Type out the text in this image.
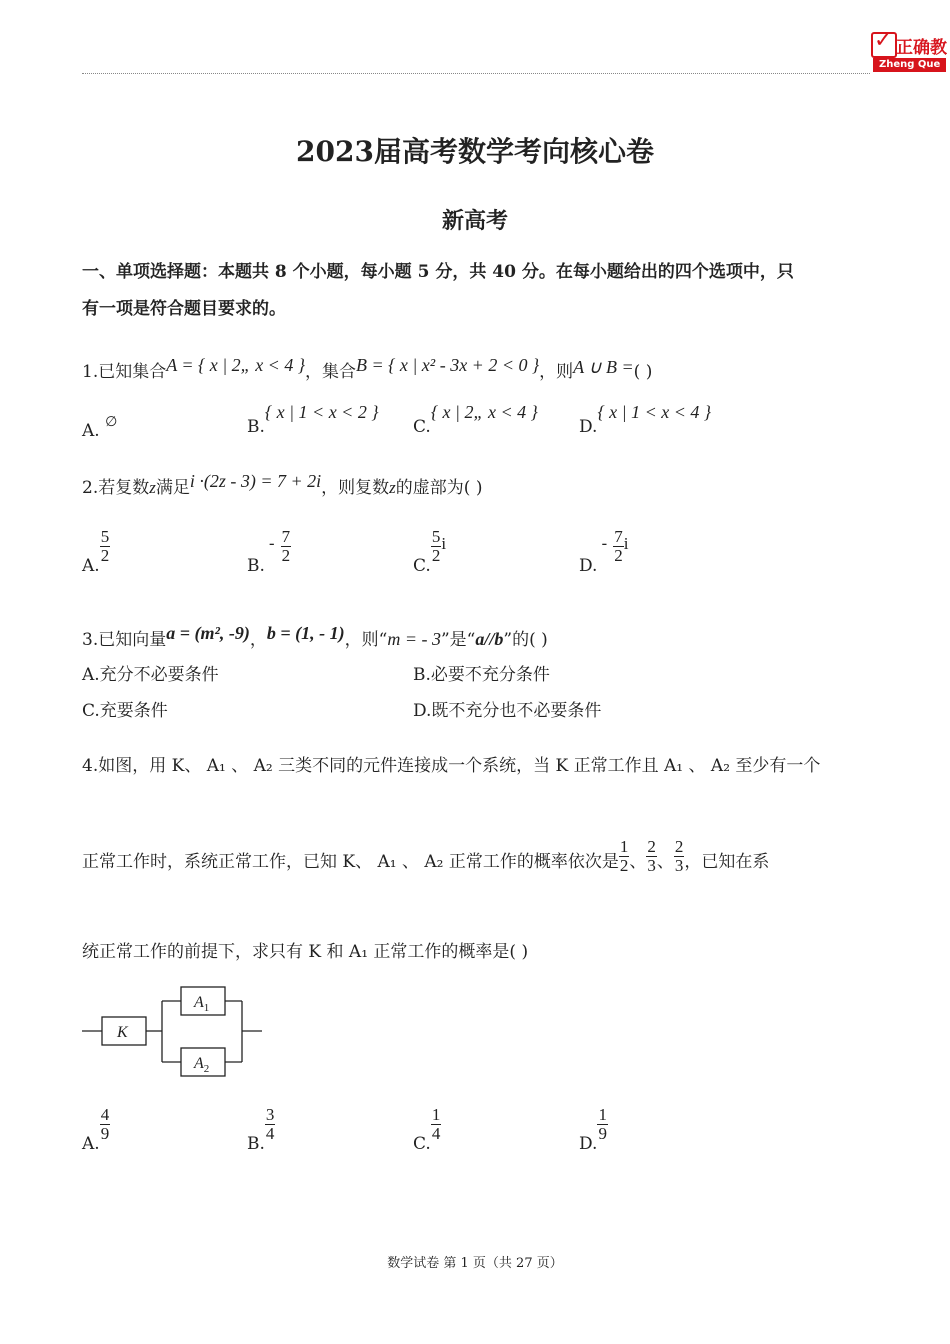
✓ 正确教
Zheng Que
2023届高考数学考向核心卷
新高考
一、单项选择题：本题共 8 个小题，每小题 5 分，共 40 分。在每小题给出的四个选项中，只
有一项是符合题目要求的。
1.已知集合A = { x | 2„ x < 4 }，集合B = { x | x² - 3x + 2 < 0 }，则A ∪ B =( )
A. ∅	B.{ x | 1 < x < 2 }
C.{ x | 2„ x < 4 }
D.{ x | 1 < x < 4 }
2.若复数z满足i ·(2z - 3) = 7 + 2i，则复数z的虚部为( )
A.
$\frac{5}{2}$
$B.- \frac{7}{2}$
C.
$\frac{5}{2}$ i
$D.- \frac{7}{2}$ i
3.已知向量a = (m², -9)，b = (1, - 1)，则“m = - 3”是“a//b”的( )
A.充分不必要条件	B.必要不充分条件
C.充要条件	D.既不充分也不必要条件
4.如图，用 K、 A₁ 、 A₂ 三类不同的元件连接成一个系统，当 K 正常工作且 A₁ 、 A₂ 至少有一个
正常工作时，系统正常工作，已知 K、 A₁ 、 A₂ 正常工作的概率依次是 $\frac{1}{2}$ 、 $\frac{2}{3}$ 、 $\frac{2}{3}$ ，已知在系
统正常工作的前提下，求只有 K 和 A₁ 正常工作的概率是( )
K
$A_1$
$A_2$
A.
$\frac{4}{9}$
B.
$\frac{3}{4}$
C.
$\frac{1}{4}$
D.
$\frac{1}{9}$
数学试卷 第 1 页（共 27 页）
